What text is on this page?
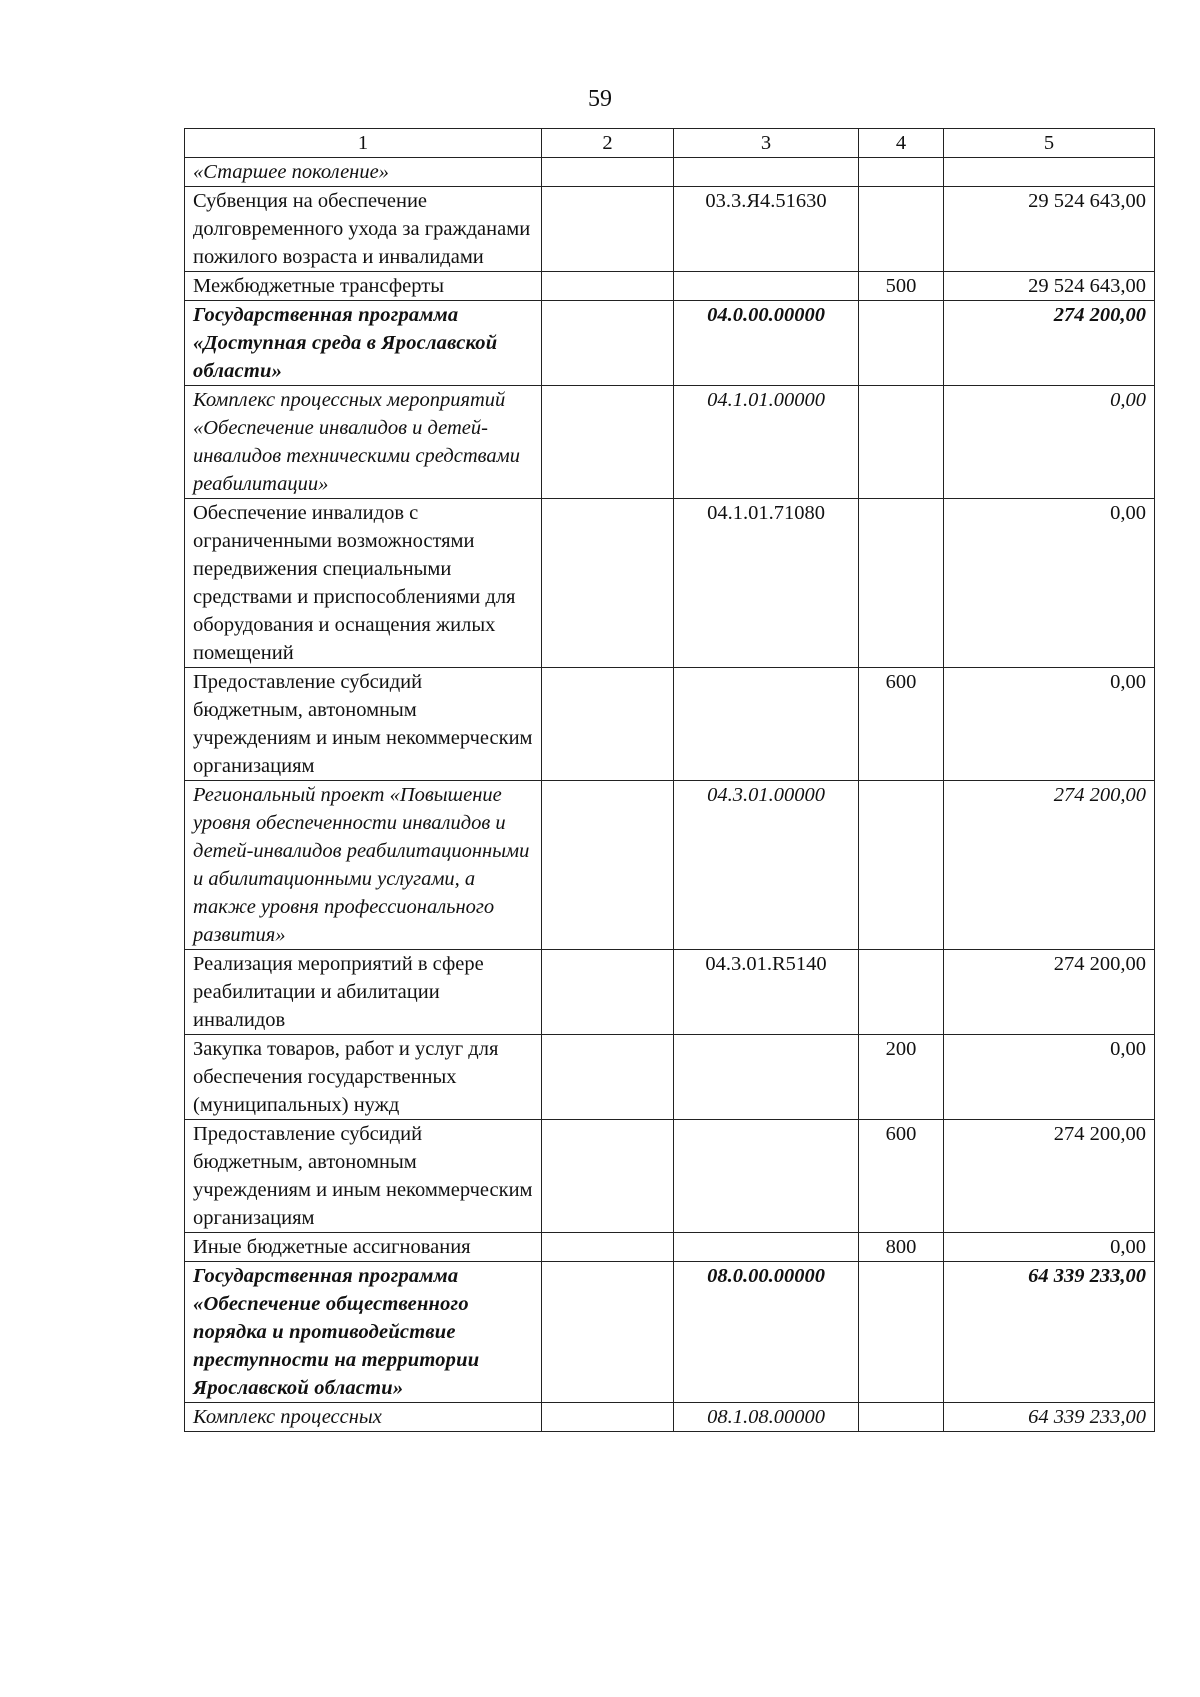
59
1	2	3	4	5
«Старшее поколение»				
Субвенция на обеспечение долговременного ухода за гражданами пожилого возраста и инвалидами		03.3.Я4.51630		29 524 643,00
Межбюджетные трансферты			500	29 524 643,00
Государственная программа «Доступная среда в Ярославской области»		04.0.00.00000		274 200,00
Комплекс процессных мероприятий «Обеспечение инвалидов и детей-инвалидов техническими средствами реабилитации»		04.1.01.00000		0,00
Обеспечение инвалидов с ограниченными возможностями передвижения специальными средствами и приспособлениями для оборудования и оснащения жилых помещений		04.1.01.71080		0,00
Предоставление субсидий бюджетным, автономным учреждениям и иным некоммерческим организациям			600	0,00
Региональный проект «Повышение уровня обеспеченности инвалидов и детей-инвалидов реабилитационными и абилитационными услугами, а также уровня профессионального развития»		04.3.01.00000		274 200,00
Реализация мероприятий в сфере реабилитации и абилитации инвалидов		04.3.01.R5140		274 200,00
Закупка товаров, работ и услуг для обеспечения государственных (муниципальных) нужд			200	0,00
Предоставление субсидий бюджетным, автономным учреждениям и иным некоммерческим организациям			600	274 200,00
Иные бюджетные ассигнования			800	0,00
Государственная программа «Обеспечение общественного порядка и противодействие преступности на территории Ярославской области»		08.0.00.00000		64 339 233,00
Комплекс процессных		08.1.08.00000		64 339 233,00
